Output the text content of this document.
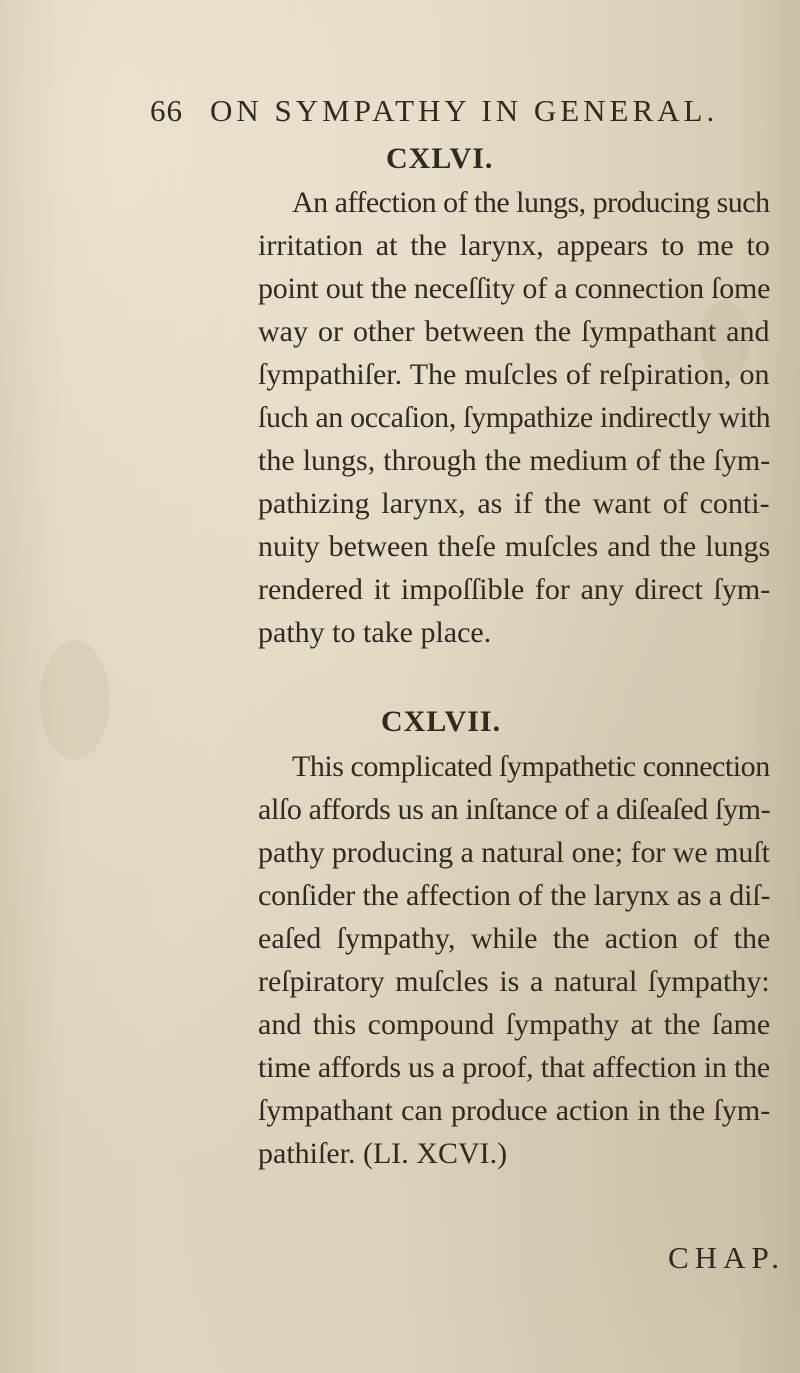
66 ON SYMPATHY IN GENERAL.
CXLVI.
An affection of the lungs, producing such
irritation at the larynx, appears to me to
point out the neceſſity of a connection ſome
way or other between the ſympathant and
ſympathiſer. The muſcles of reſpiration, on
ſuch an occaſion, ſympathize indirectly with
the lungs, through the medium of the ſym-
pathizing larynx, as if the want of conti-
nuity between theſe muſcles and the lungs
rendered it impoſſible for any direct ſym-
pathy to take place.
CXLVII.
This complicated ſympathetic connection
alſo affords us an inſtance of a diſeaſed ſym-
pathy producing a natural one; for we muſt
conſider the affection of the larynx as a diſ-
eaſed ſympathy, while the action of the
reſpiratory muſcles is a natural ſympathy:
and this compound ſympathy at the ſame
time affords us a proof, that affection in the
ſympathant can produce action in the ſym-
pathiſer. (LI. XCVI.)
CHAP.
